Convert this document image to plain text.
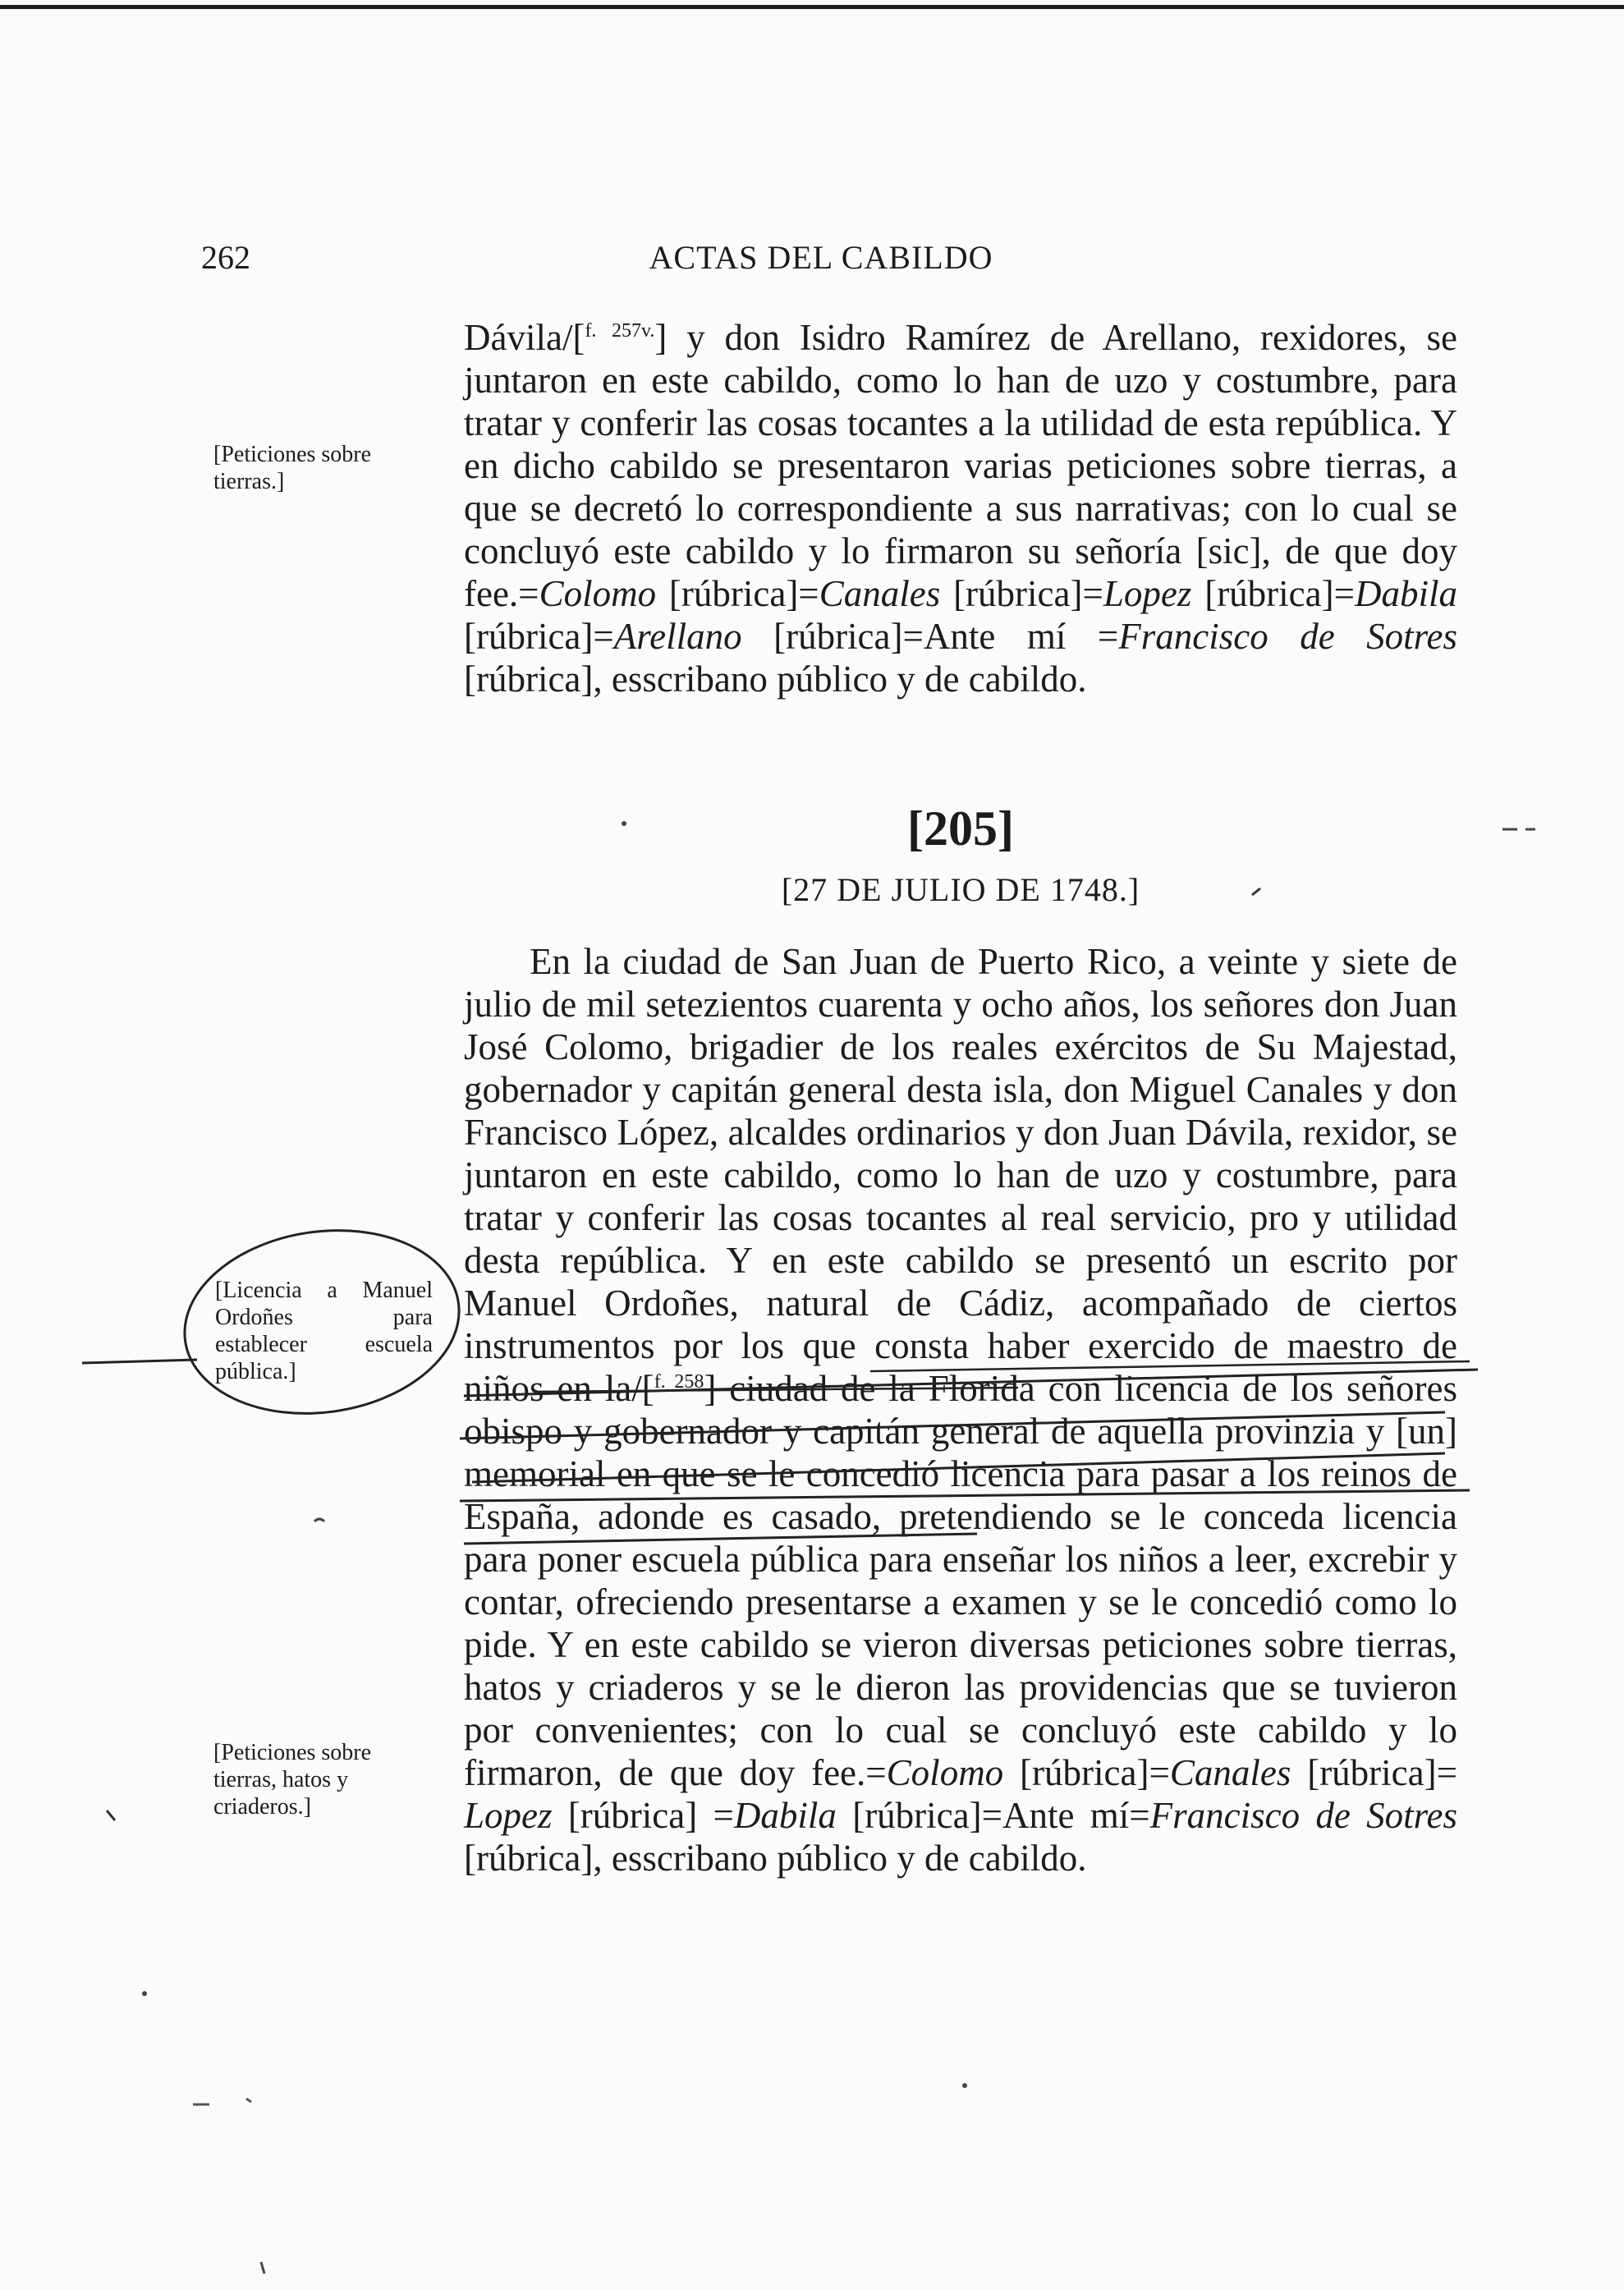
262	ACTAS DEL CABILDO
[Peticiones sobre tierras.]
[Licencia a Manuel Ordoñes para establecer escuela pública.]
[Peticiones sobre tierras, hatos y criaderos.]

Dávila/[$^{f. 257v.}$] y don Isidro Ramírez de Arellano, rexidores, se juntaron en este cabildo, como lo han de uzo y costumbre, para tratar y conferir las cosas tocantes a la utilidad de esta república. Y en dicho cabildo se presentaron varias peticiones sobre tierras, a que se decretó lo correspondiente a sus narrativas; con lo cual se concluyó este cabildo y lo firmaron su señoría [sic], de que doy fee.=Colomo [rúbrica]=Canales [rúbrica]=Lopez [rúbrica]=Dabila [rúbrica]=Arellano [rúbrica]=Ante mí =Francisco de Sotres [rúbrica], esscribano público y de cabildo.

[205]
[27 DE JULIO DE 1748.]

En la ciudad de San Juan de Puerto Rico, a veinte y siete de julio de mil setezientos cuarenta y ocho años, los señores don Juan José Colomo, brigadier de los reales exércitos de Su Majestad, gobernador y capitán general desta isla, don Miguel Canales y don Francisco López, alcaldes ordinarios y don Juan Dávila, rexidor, se juntaron en este cabildo, como lo han de uzo y costumbre, para tratar y conferir las cosas tocantes al real servicio, pro y utilidad desta república. Y en este cabildo se presentó un escrito por Manuel Ordoñes, natural de Cádiz, acompañado de ciertos instrumentos por los que consta haber exercido de maestro de niños en la/[$^{f. 258}$] ciudad de la Florida con licencia de los señores obispo y gobernador y capitán general de aquella provinzia y [un] memorial en que se le concedió licencia para pasar a los reinos de España, adonde es casado, pretendiendo se le conceda licencia para poner escuela pública para enseñar los niños a leer, excrebir y contar, ofreciendo presentarse a examen y se le concedió como lo pide. Y en este cabildo se vieron diversas peticiones sobre tierras, hatos y criaderos y se le dieron las providencias que se tuvieron por convenientes; con lo cual se concluyó este cabildo y lo firmaron, de que doy fee.=Colomo [rúbrica]=Canales [rúbrica]= Lopez [rúbrica] =Dabila [rúbrica]=Ante mí=Francisco de Sotres [rúbrica], esscribano público y de cabildo.
